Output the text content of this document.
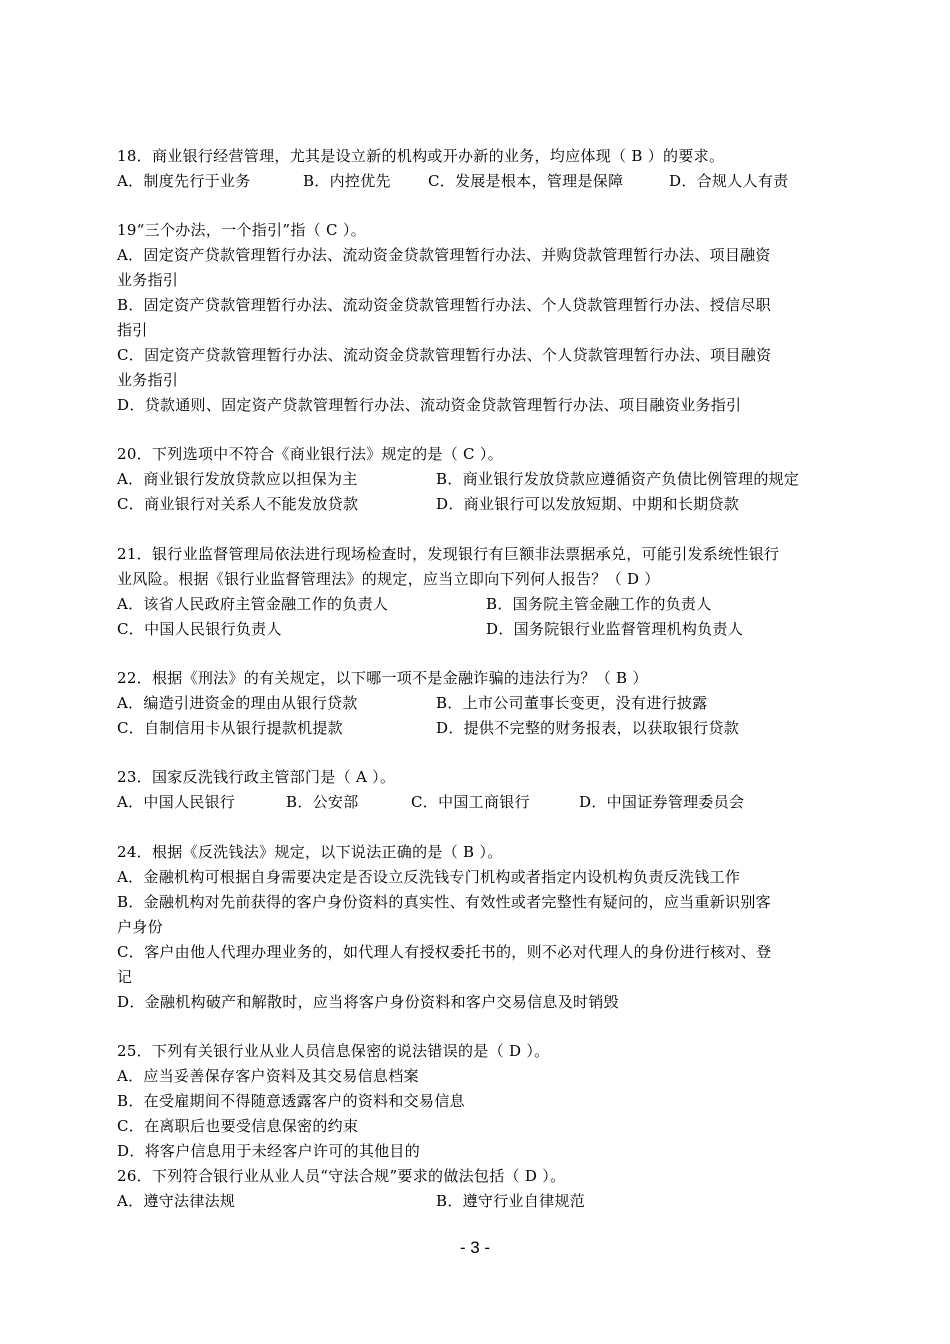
18．商业银行经营管理，尤其是设立新的机构或开办新的业务，均应体现（ B ）的要求。
A．制度先行于业务	B．内控优先 C．发展是根本，管理是保障	D．合规人人有责
19“三个办法，一个指引”指（ C ）。
A．固定资产贷款管理暂行办法、流动资金贷款管理暂行办法、并购贷款管理暂行办法、项目融资
业务指引
B．固定资产贷款管理暂行办法、流动资金贷款管理暂行办法、个人贷款管理暂行办法、授信尽职
指引
C．固定资产贷款管理暂行办法、流动资金贷款管理暂行办法、个人贷款管理暂行办法、项目融资
业务指引
D．贷款通则、固定资产贷款管理暂行办法、流动资金贷款管理暂行办法、项目融资业务指引
20．下列选项中不符合《商业银行法》规定的是（ C ）。
A．商业银行发放贷款应以担保为主	B．商业银行发放贷款应遵循资产负债比例管理的规定
C．商业银行对关系人不能发放贷款	D．商业银行可以发放短期、中期和长期贷款
21．银行业监督管理局依法进行现场检查时，发现银行有巨额非法票据承兑，可能引发系统性银行
业风险。根据《银行业监督管理法》的规定，应当立即向下列何人报告？（ D ）
A．该省人民政府主管金融工作的负责人	B．国务院主管金融工作的负责人
C．中国人民银行负责人	D．国务院银行业监督管理机构负责人
22．根据《刑法》的有关规定，以下哪一项不是金融诈骗的违法行为？（ B ）
A．编造引进资金的理由从银行贷款	B．上市公司董事长变更，没有进行披露
C．自制信用卡从银行提款机提款	D．提供不完整的财务报表，以获取银行贷款
23．国家反洗钱行政主管部门是（ A ）。
A．中国人民银行	B．公安部	C．中国工商银行	D．中国证券管理委员会
24．根据《反洗钱法》规定，以下说法正确的是（ B ）。
A．金融机构可根据自身需要决定是否设立反洗钱专门机构或者指定内设机构负责反洗钱工作
B．金融机构对先前获得的客户身份资料的真实性、有效性或者完整性有疑问的，应当重新识别客
户身份
C．客户由他人代理办理业务的，如代理人有授权委托书的，则不必对代理人的身份进行核对、登
记
D．金融机构破产和解散时，应当将客户身份资料和客户交易信息及时销毁
25．下列有关银行业从业人员信息保密的说法错误的是（ D ）。
A．应当妥善保存客户资料及其交易信息档案
B．在受雇期间不得随意透露客户的资料和交易信息
C．在离职后也要受信息保密的约束
D．将客户信息用于未经客户许可的其他目的
26．下列符合银行业从业人员“守法合规”要求的做法包括（ D ）。
A．遵守法律法规	B．遵守行业自律规范
- 3 -
